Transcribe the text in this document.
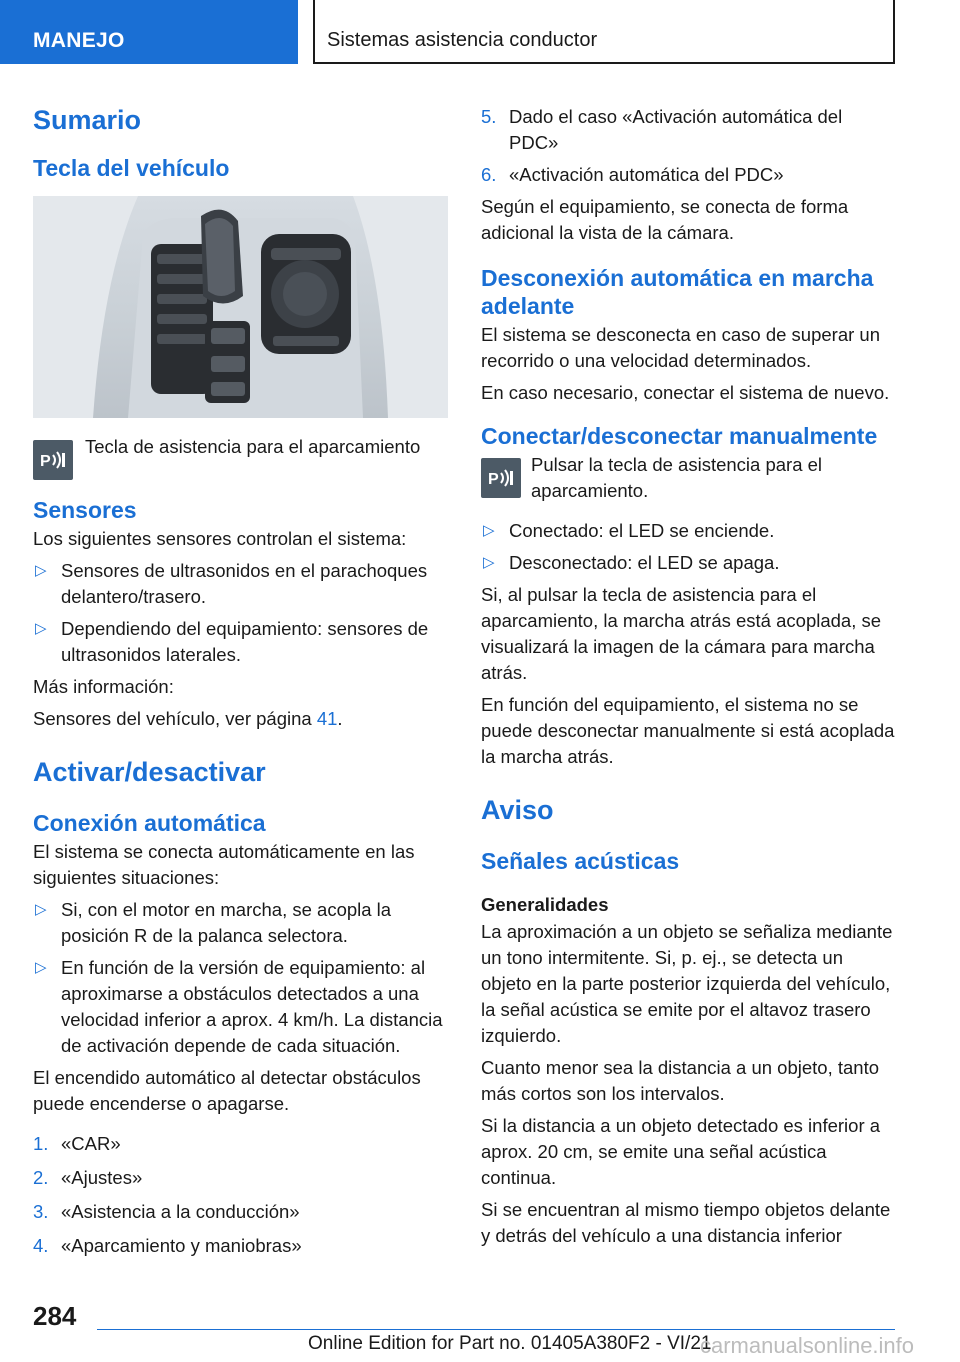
MANEJO	Sistemas asistencia conductor
Sumario
Tecla del vehículo
P

Tecla de asistencia para el aparcamiento

Sensores

Los siguientes sensores controlan el sistema:

▷ Sensores de ultrasonidos en el parachoques delantero/trasero.
▷ Dependiendo del equipamiento: sensores de ultrasonidos laterales.

Más información:

Sensores del vehículo, ver página 41.

Activar/desactivar
Conexión automática

El sistema se conecta automáticamente en las siguientes situaciones:

▷ Si, con el motor en marcha, se acopla la posición R de la palanca selectora.
▷ En función de la versión de equipamiento: al aproximarse a obstáculos detectados a una velocidad inferior a aprox. 4 km/h. La distancia de activación depende de cada situación.

El encendido automático al detectar obstáculos puede encenderse o apagarse.

1. «CAR»
2. «Ajustes»
3. «Asistencia a la conducción»
4. «Aparcamiento y maniobras»
5. Dado el caso «Activación automática del PDC»
6. «Activación automática del PDC»

Según el equipamiento, se conecta de forma adicional la vista de la cámara.

Desconexión automática en marcha adelante

El sistema se desconecta en caso de superar un recorrido o una velocidad determinados.

En caso necesario, conectar el sistema de nuevo.

Conectar/desconectar manualmente
P

Pulsar la tecla de asistencia para el aparcamiento.

▷ Conectado: el LED se enciende.
▷ Desconectado: el LED se apaga.

Si, al pulsar la tecla de asistencia para el aparcamiento, la marcha atrás está acoplada, se visualizará la imagen de la cámara para marcha atrás.

En función del equipamiento, el sistema no se puede desconectar manualmente si está acoplada la marcha atrás.

Aviso
Señales acústicas
Generalidades

La aproximación a un objeto se señaliza mediante un tono intermitente. Si, p. ej., se detecta un objeto en la parte posterior izquierda del vehículo, la señal acústica se emite por el altavoz trasero izquierdo.

Cuanto menor sea la distancia a un objeto, tanto más cortos son los intervalos.

Si la distancia a un objeto detectado es inferior a aprox. 20 cm, se emite una señal acústica continua.

Si se encuentran al mismo tiempo objetos delante y detrás del vehículo a una distancia inferior

284
Online Edition for Part no. 01405A380F2 - VI/21
carmanualsonline.info
